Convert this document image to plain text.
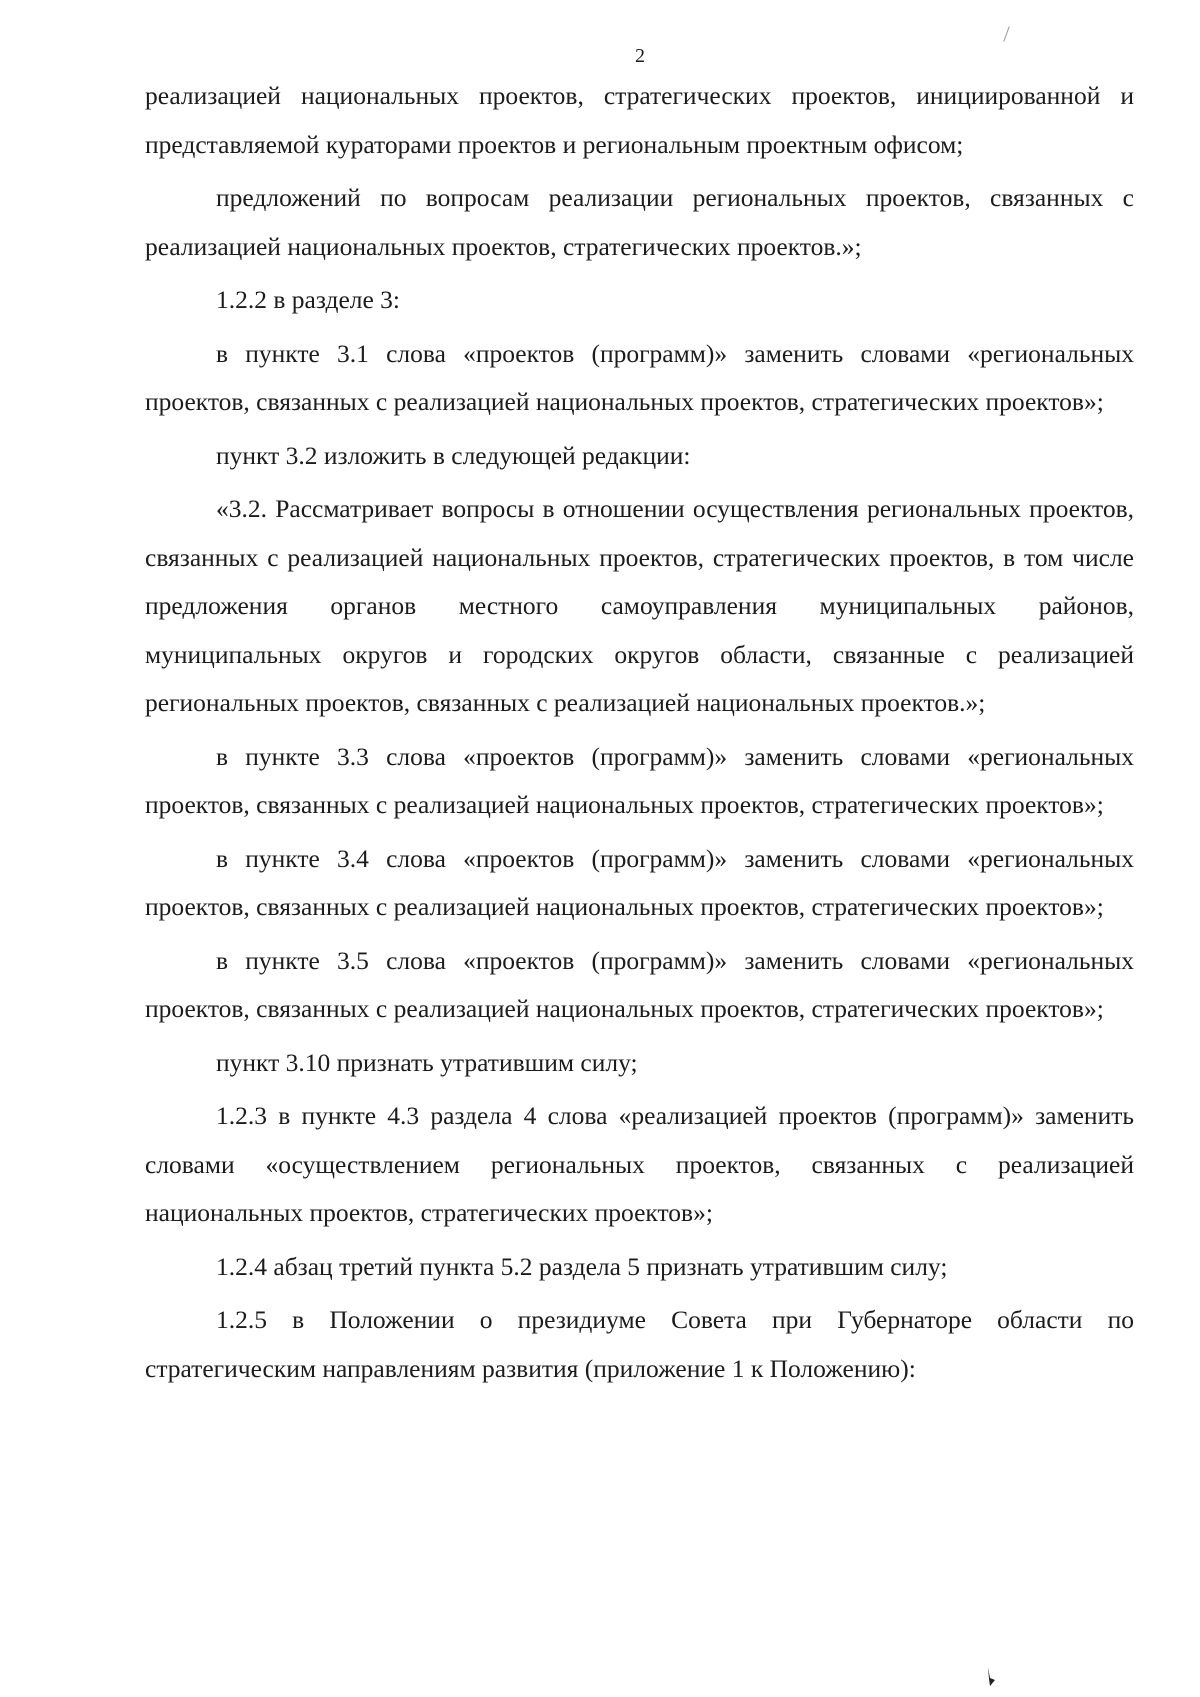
2

реализацией национальных проектов, стратегических проектов, инициированной и представляемой кураторами проектов и региональным проектным офисом;

предложений по вопросам реализации региональных проектов, связанных с реализацией национальных проектов, стратегических проектов.»;

1.2.2 в разделе 3:

в пункте 3.1 слова «проектов (программ)» заменить словами «региональных проектов, связанных с реализацией национальных проектов, стратегических проектов»;

пункт 3.2 изложить в следующей редакции:

«3.2. Рассматривает вопросы в отношении осуществления региональных проектов, связанных с реализацией национальных проектов, стратегических проектов, в том числе предложения органов местного самоуправления муниципальных районов, муниципальных округов и городских округов области, связанные с реализацией региональных проектов, связанных с реализацией национальных проектов.»;

в пункте 3.3 слова «проектов (программ)» заменить словами «региональных проектов, связанных с реализацией национальных проектов, стратегических проектов»;

в пункте 3.4 слова «проектов (программ)» заменить словами «региональных проектов, связанных с реализацией национальных проектов, стратегических проектов»;

в пункте 3.5 слова «проектов (программ)» заменить словами «региональных проектов, связанных с реализацией национальных проектов, стратегических проектов»;

пункт 3.10 признать утратившим силу;

1.2.3 в пункте 4.3 раздела 4 слова «реализацией проектов (программ)» заменить словами «осуществлением региональных проектов, связанных с реализацией национальных проектов, стратегических проектов»;

1.2.4 абзац третий пункта 5.2 раздела 5 признать утратившим силу;

1.2.5 в Положении о президиуме Совета при Губернаторе области по стратегическим направлениям развития (приложение 1 к Положению):
